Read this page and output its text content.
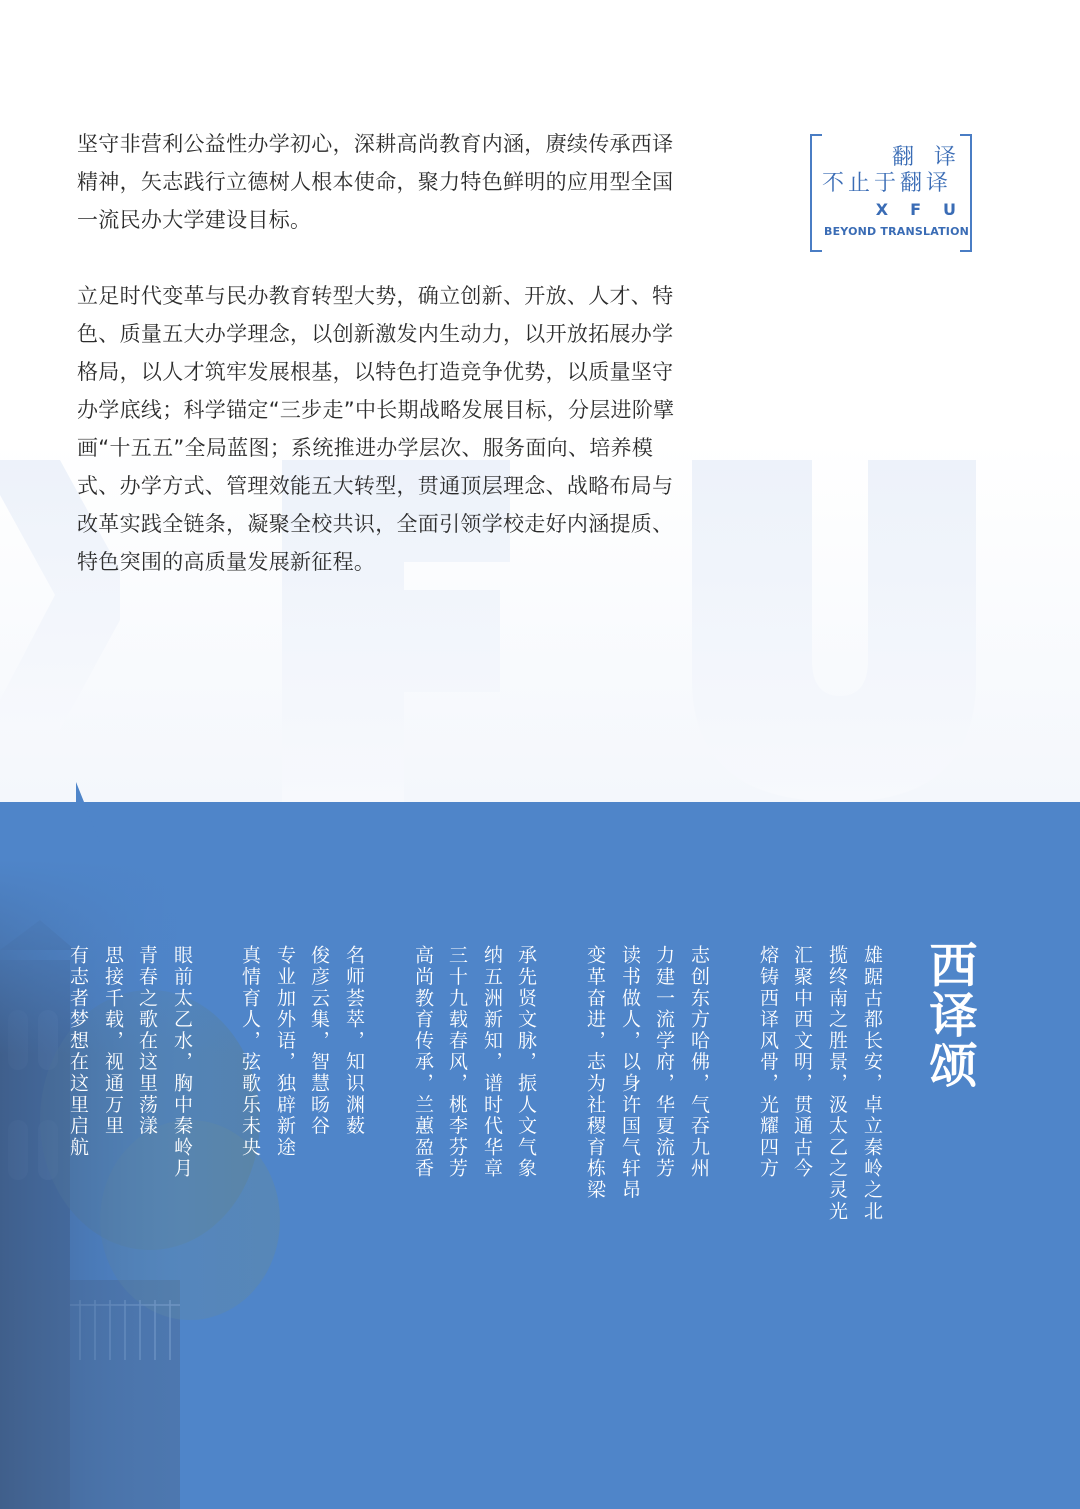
坚守非营利公益性办学初心，深耕高尚教育内涵，赓续传承西译精神，矢志践行立德树人根本使命，聚力特色鲜明的应用型全国一流民办大学建设目标。

立足时代变革与民办教育转型大势，确立创新、开放、人才、特色、质量五大办学理念，以创新激发内生动力，以开放拓展办学格局，以人才筑牢发展根基，以特色打造竞争优势，以质量坚守办学底线；科学锚定“三步走”中长期战略发展目标，分层进阶擘画“十五五”全局蓝图；系统推进办学层次、服务面向、培养模式、办学方式、管理效能五大转型，贯通顶层理念、战略布局与改革实践全链条，凝聚全校共识，全面引领学校走好内涵提质、特色突围的高质量发展新征程。

翻译
不止于翻译
XFU
BEYOND TRANSLATION
西译颂
雄踞古都长安，卓立秦岭之北
揽终南之胜景，汲太乙之灵光
汇聚中西文明，贯通古今
熔铸西译风骨，光耀四方
志创东方哈佛，气吞九州
力建一流学府，华夏流芳
读书做人，以身许国气轩昂
变革奋进，志为社稷育栋梁
承先贤文脉，振人文气象
纳五洲新知，谱时代华章
三十九载春风，桃李芬芳
高尚教育传承，兰蕙盈香
名师荟萃，知识渊薮
俊彦云集，智慧旸谷
专业加外语，独辟新途
真情育人，弦歌乐未央
眼前太乙水，胸中秦岭月
青春之歌在这里荡漾
思接千载，视通万里
有志者梦想在这里启航
